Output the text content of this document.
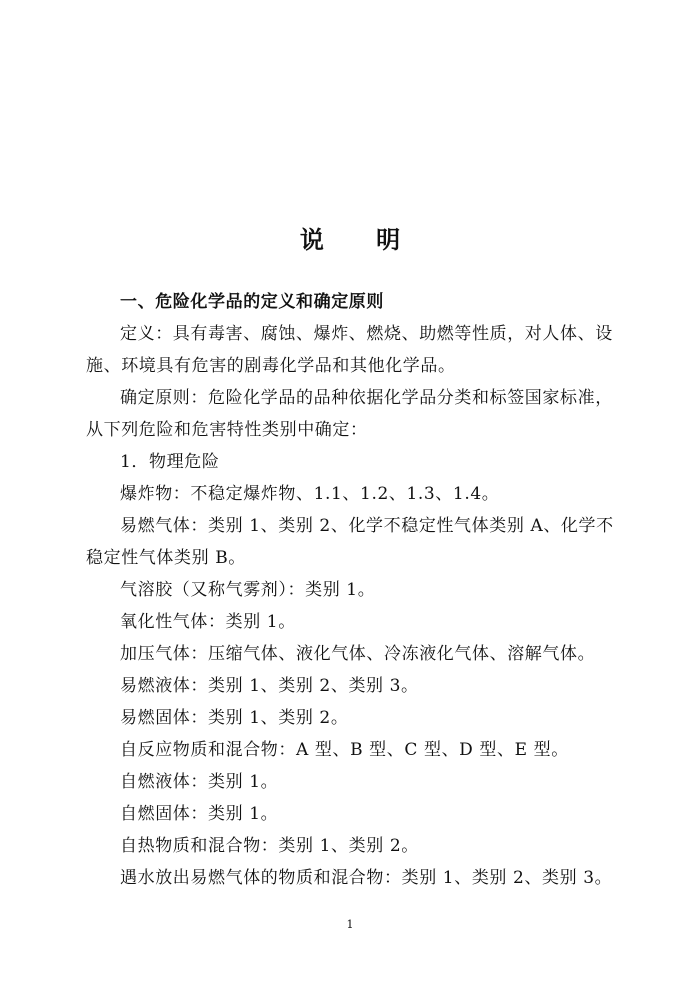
说 明

一、危险化学品的定义和确定原则

定义：具有毒害、腐蚀、爆炸、燃烧、助燃等性质，对人体、设施、环境具有危害的剧毒化学品和其他化学品。

确定原则：危险化学品的品种依据化学品分类和标签国家标准，从下列危险和危害特性类别中确定：

1．物理危险

爆炸物：不稳定爆炸物、1.1、1.2、1.3、1.4。

易燃气体：类别 1、类别 2、化学不稳定性气体类别 A、化学不稳定性气体类别 B。

气溶胶（又称气雾剂）：类别 1。

氧化性气体：类别 1。

加压气体：压缩气体、液化气体、冷冻液化气体、溶解气体。

易燃液体：类别 1、类别 2、类别 3。

易燃固体：类别 1、类别 2。

自反应物质和混合物：A 型、B 型、C 型、D 型、E 型。

自燃液体：类别 1。

自燃固体：类别 1。

自热物质和混合物：类别 1、类别 2。

遇水放出易燃气体的物质和混合物：类别 1、类别 2、类别 3。

1
